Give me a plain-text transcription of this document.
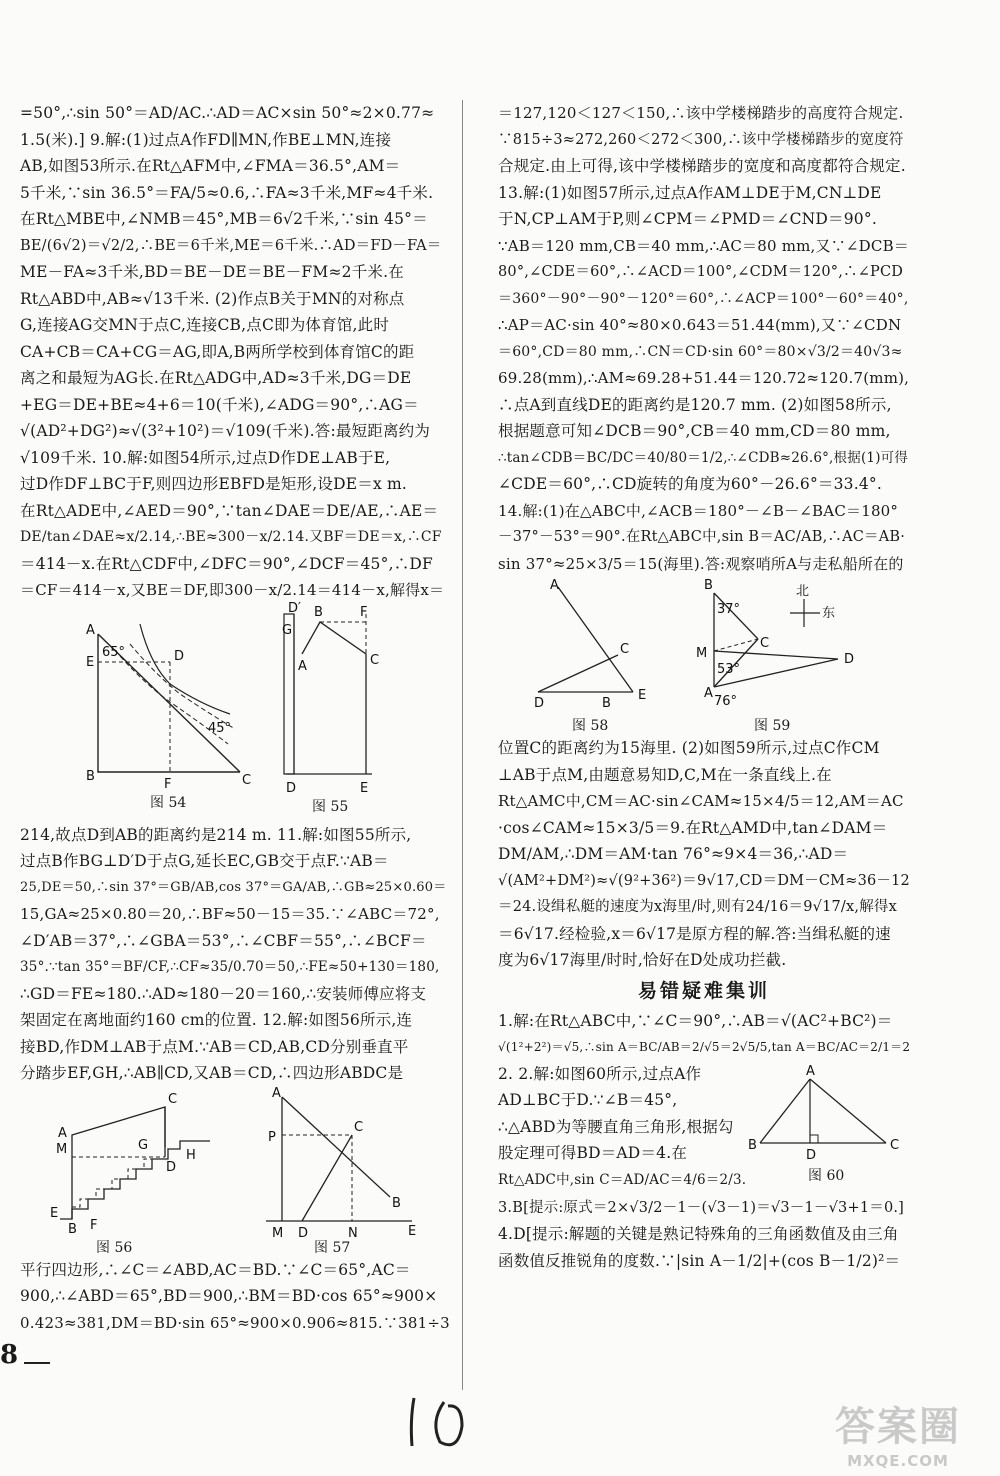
=50°,∴sin 50°＝AD/AC.∴AD＝AC×sin 50°≈2×0.77≈
1.5(米).] 9.解:(1)过点A作FD∥MN,作BE⊥MN,连接
AB,如图53所示.在Rt△AFM中,∠FMA＝36.5°,AM＝
5千米,∵sin 36.5°＝FA/5≈0.6,∴FA≈3千米,MF≈4千米.
在Rt△MBE中,∠NMB＝45°,MB＝6√2千米,∵sin 45°＝
BE/(6√2)＝√2/2,∴BE＝6千米,ME＝6千米.∴AD＝FD－FA＝
ME－FA≈3千米,BD＝BE－DE＝BE－FM≈2千米.在
Rt△ABD中,AB≈√13千米. (2)作点B关于MN的对称点
G,连接AG交MN于点C,连接CB,点C即为体育馆,此时
CA+CB＝CA+CG＝AG,即A,B两所学校到体育馆C的距
离之和最短为AG长.在Rt△ADG中,AD≈3千米,DG＝DE
+EG＝DE+BE≈4+6＝10(千米),∠ADG＝90°,∴AG＝
√(AD²+DG²)≈√(3²+10²)＝√109(千米).答:最短距离约为
√109千米. 10.解:如图54所示,过点D作DE⊥AB于E,
过D作DF⊥BC于F,则四边形EBFD是矩形,设DE＝x m.
在Rt△ADE中,∠AED＝90°,∵tan∠DAE＝DE/AE,∴AE＝
DE/tan∠DAE≈x/2.14,∴BE≈300－x/2.14.又BF＝DE＝x,∴CF
＝414－x.在Rt△CDF中,∠DFC＝90°,∠DCF＝45°,∴DF
＝CF＝414－x,又BE＝DF,即300－x/2.14＝414－x,解得x＝
A
E
65°	D
45°
B
F	C
D′
G
B	F
A	C
D	E
图 54	图 55
214,故点D到AB的距离约是214 m. 11.解:如图55所示,
过点B作BG⊥D′D于点G,延长EC,GB交于点F.∵AB＝
25,DE＝50,∴sin 37°＝GB/AB,cos 37°＝GA/AB,∴GB≈25×0.60＝
15,GA≈25×0.80＝20,∴BF≈50－15＝35.∵∠ABC＝72°,
∠D′AB＝37°,∴∠GBA＝53°,∴∠CBF＝55°,∴∠BCF＝
35°.∵tan 35°＝BF/CF,∴CF≈35/0.70＝50,∴FE≈50+130＝180,
∴GD＝FE≈180.∴AD≈180－20＝160,∴安装师傅应将支
架固定在离地面约160 cm的位置. 12.解:如图56所示,连
接BD,作DM⊥AB于点M.∵AB＝CD,AB,CD分别垂直平
分踏步EF,GH,∴AB∥CD,又AB＝CD,∴四边形ABDC是
C
A
M	G
D
H
E
B F
A
P
C
B
M D	N	E
图 56	图 57
平行四边形,∴∠C＝∠ABD,AC＝BD.∵∠C＝65°,AC＝
900,∴∠ABD＝65°,BD＝900,∴BM＝BD·cos 65°≈900×
0.423≈381,DM＝BD·sin 65°≈900×0.906≈815.∵381÷3
＝127,120＜127＜150,∴该中学楼梯踏步的高度符合规定.
∵815÷3≈272,260＜272＜300,∴该中学楼梯踏步的宽度符
合规定.由上可得,该中学楼梯踏步的宽度和高度都符合规定.
13.解:(1)如图57所示,过点A作AM⊥DE于M,CN⊥DE
于N,CP⊥AM于P,则∠CPM＝∠PMD＝∠CND＝90°.
∵AB＝120 mm,CB＝40 mm,∴AC＝80 mm,又∵∠DCB＝
80°,∠CDE＝60°,∴∠ACD＝100°,∠CDM＝120°,∴∠PCD
＝360°－90°－90°－120°＝60°,∴∠ACP＝100°－60°＝40°,
∴AP＝AC·sin 40°≈80×0.643＝51.44(mm),又∵∠CDN
＝60°,CD＝80 mm,∴CN＝CD·sin 60°＝80×√3/2＝40√3≈
69.28(mm),∴AM≈69.28+51.44＝120.72≈120.7(mm),
∴点A到直线DE的距离约是120.7 mm. (2)如图58所示,
根据题意可知∠DCB＝90°,CB＝40 mm,CD＝80 mm,
∴tan∠CDB＝BC/DC＝40/80＝1/2,∴∠CDB≈26.6°,根据(1)可得
∠CDE＝60°,∴CD旋转的角度为60°－26.6°＝33.4°.
14.解:(1)在△ABC中,∠ACB＝180°－∠B－∠BAC＝180°
－37°－53°＝90°.在Rt△ABC中,sin B＝AC/AB,∴AC＝AB·
sin 37°≈25×3/5＝15(海里).答:观察哨所A与走私船所在的
A
C
D	B
E
B
37°
C
M
53°
D
A
76°
北
东
图 58	图 59
位置C的距离约为15海里. (2)如图59所示,过点C作CM
⊥AB于点M,由题意易知D,C,M在一条直线上.在
Rt△AMC中,CM＝AC·sin∠CAM≈15×4/5＝12,AM＝AC
·cos∠CAM≈15×3/5＝9.在Rt△AMD中,tan∠DAM＝
DM/AM,∴DM＝AM·tan 76°≈9×4＝36,∴AD＝
√(AM²+DM²)≈√(9²+36²)＝9√17,CD＝DM－CM≈36－12
＝24.设缉私艇的速度为x海里/时,则有24/16＝9√17/x,解得x
＝6√17.经检验,x＝6√17是原方程的解.答:当缉私艇的速
度为6√17海里/时时,恰好在D处成功拦截.
易错疑难集训
1.解:在Rt△ABC中,∵∠C＝90°,∴AB＝√(AC²+BC²)＝
√(1²+2²)＝√5,∴sin A＝BC/AB＝2/√5＝2√5/5,tan A＝BC/AC＝2/1＝2
2. 2.解:如图60所示,过点A作
AD⊥BC于D.∵∠B＝45°,
∴△ABD为等腰直角三角形,根据勾
股定理可得BD＝AD＝4.在
Rt△ADC中,sin C＝AD/AC＝4/6＝2/3.
A
B	C
D
图 60
3.B[提示:原式＝2×√3/2－1－(√3－1)＝√3－1－√3+1＝0.]
4.D[提示:解题的关键是熟记特殊角的三角函数值及由三角
函数值反推锐角的度数.∵|sin A－1/2|+(cos B－1/2)²＝
8
答案圈
MXQE.COM
